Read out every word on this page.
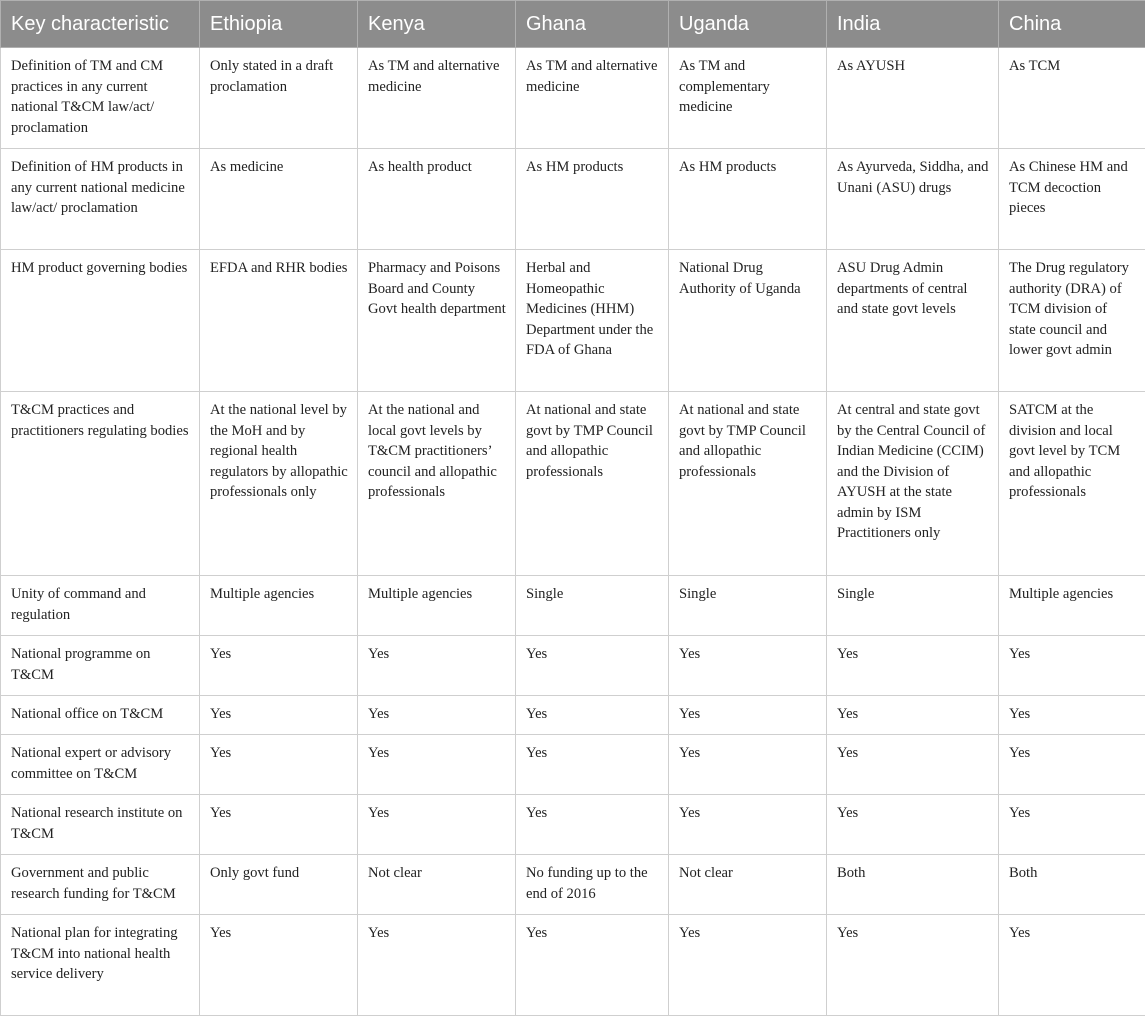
Key characteristic	Ethiopia	Kenya	Ghana	Uganda	India	China
Definition of TM and CM practices in any current national T&CM law/act/ proclamation	Only stated in a draft proclamation	As TM and alternative medicine	As TM and alternative medicine	As TM and complementary medicine	As AYUSH	As TCM
Definition of HM products in any current national medicine law/act/ proclamation	As medicine	As health product	As HM products	As HM products	As Ayurveda, Siddha, and Unani (ASU) drugs	As Chinese HM and TCM decoction pieces
HM product governing bodies	EFDA and RHR bodies	Pharmacy and Poisons Board and County Govt health department	Herbal and Homeopathic Medicines (HHM) Department under the FDA of Ghana	National Drug Authority of Uganda	ASU Drug Admin departments of central and state govt levels	The Drug regulatory authority (DRA) of TCM division of state council and lower govt admin
T&CM practices and practitioners regulating bodies	At the national level by the MoH and by regional health regulators by allopathic professionals only	At the national and local govt levels by T&CM practitioners’ council and allopathic professionals	At national and state govt by TMP Council and allopathic professionals	At national and state govt by TMP Council and allopathic professionals	At central and state govt by the Central Council of Indian Medicine (CCIM) and the Division of AYUSH at the state admin by ISM Practitioners only	SATCM at the division and local govt level by TCM and allopathic professionals
Unity of command and regulation	Multiple agencies	Multiple agencies	Single	Single	Single	Multiple agencies
National programme on T&CM	Yes	Yes	Yes	Yes	Yes	Yes
National office on T&CM	Yes	Yes	Yes	Yes	Yes	Yes
National expert or advisory committee on T&CM	Yes	Yes	Yes	Yes	Yes	Yes
National research institute on T&CM	Yes	Yes	Yes	Yes	Yes	Yes
Government and public research funding for T&CM	Only govt fund	Not clear	No funding up to the end of 2016	Not clear	Both	Both
National plan for integrating T&CM into national health service delivery	Yes	Yes	Yes	Yes	Yes	Yes
